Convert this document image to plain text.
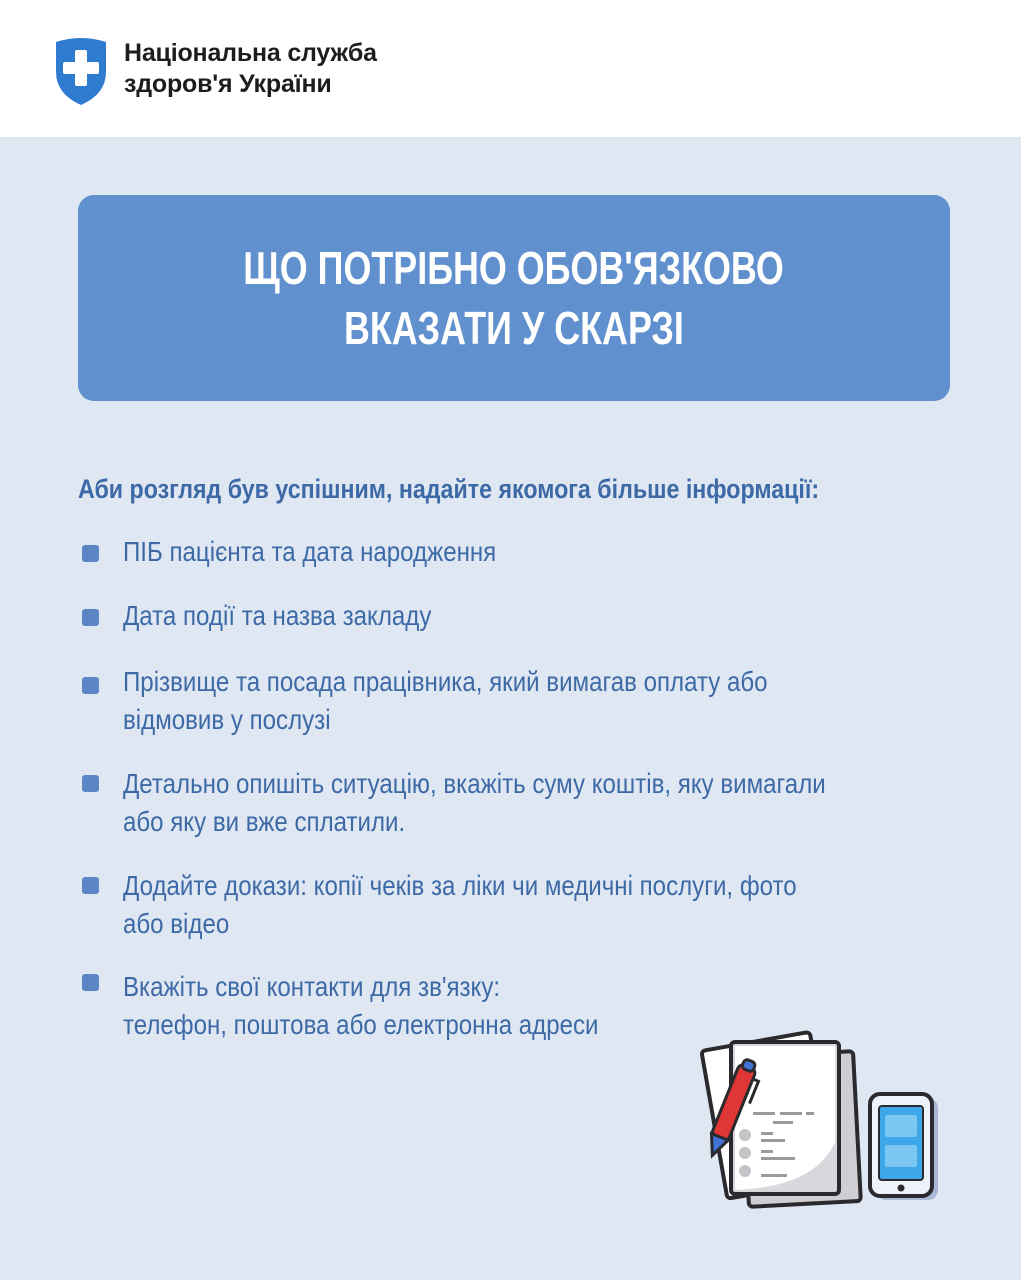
Національна служба
здоров'я України
ЩО ПОТРІБНО ОБОВ'ЯЗКОВО
ВКАЗАТИ У СКАРЗІ
Аби розгляд був успішним, надайте якомога більше інформації:
ПІБ пацієнта та дата народження
Дата події та назва закладу
Прізвище та посада працівника, який вимагав оплату або
відмовив у послузі
Детально опишіть ситуацію, вкажіть суму коштів, яку вимагали
або яку ви вже сплатили.
Додайте докази: копії чеків за ліки чи медичні послуги, фото
або відео
Вкажіть свої контакти для зв'язку:
телефон, поштова або електронна адреси
